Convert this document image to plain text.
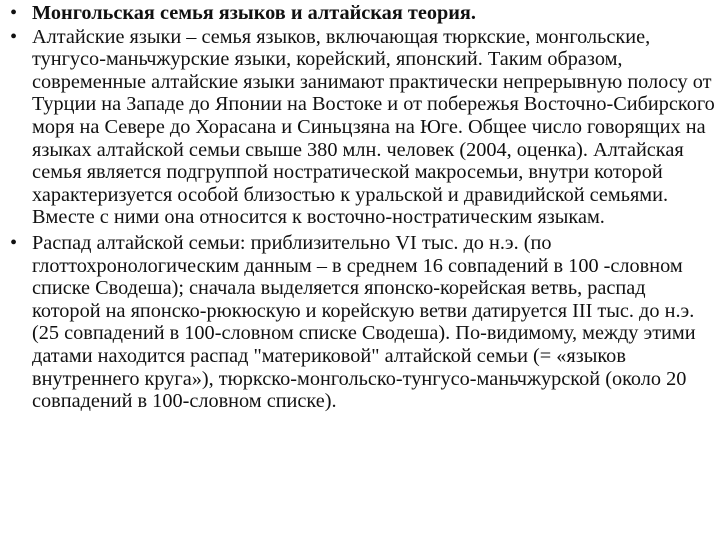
• Монгольская семья языков и алтайская теория.
• Алтайские языки – семья языков, включающая тюркские, монгольские, тунгусо-маньчжурские языки, корейский, японский. Таким образом, современные алтайские языки занимают практически непрерывную полосу от Турции на Западе до Японии на Востоке и от побережья Восточно-Сибирского моря на Севере до Хорасана и Синьцзяна на Юге. Общее число говорящих на языках алтайской семьи свыше 380 млн. человек (2004, оценка). Алтайская семья является подгруппой ностратической макросемьи, внутри которой характеризуется особой близостью к уральской и дравидийской семьями. Вместе с ними она относится к восточно-ностратическим языкам.
• Распад алтайской семьи: приблизительно VI тыс. до н.э. (по глоттохронологическим данным – в среднем 16 совпадений в 100 -словном списке Сводеша); сначала выделяется японско-корейская ветвь, распад которой на японско-рюкюскую и корейскую ветви датируется III тыс. до н.э. (25 совпадений в 100-словном списке Сводеша). По-видимому, между этими датами находится распад "материковой" алтайской семьи (= «языков внутреннего круга»), тюркско-монгольско-тунгусо-маньчжурской (около 20 совпадений в 100-словном списке).
